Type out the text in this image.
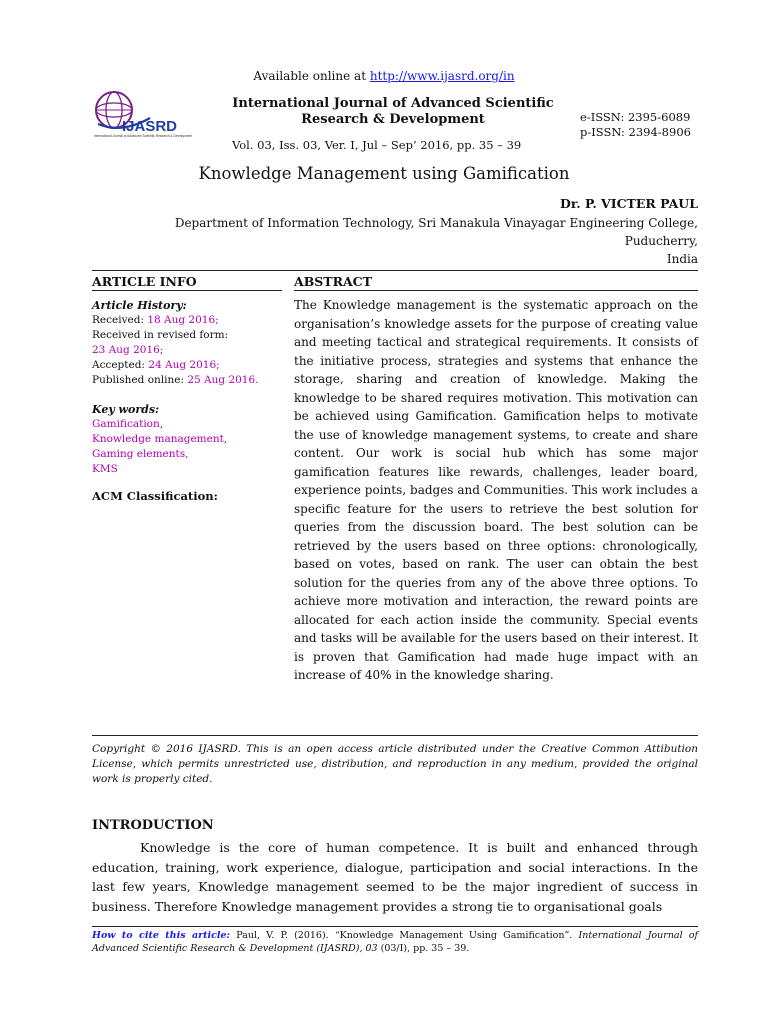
Available online at http://www.ijasrd.org/in
IJASRD
International Journal of Advanced Scientific Research & Development
International Journal of Advanced Scientific
Research & Development	e-ISSN: 2395-6089
p-ISSN: 2394-8906
Vol. 03, Iss. 03, Ver. I, Jul – Sep’ 2016, pp. 35 – 39
Knowledge Management using Gamification
Dr. P. VICTER PAUL
Department of Information Technology, Sri Manakula Vinayagar Engineering College, Puducherry,
India
ARTICLE INFO	ABSTRACT
Article History:
Received: 18 Aug 2016;
Received in revised form:
23 Aug 2016;
Accepted: 24 Aug 2016;
Published online: 25 Aug 2016.
Key words:
Gamification,
Knowledge management,
Gaming elements,
KMS
ACM Classification:
The Knowledge management is the systematic approach on the organisation’s knowledge assets for the purpose of creating value and meeting tactical and strategical requirements. It consists of the initiative process, strategies and systems that enhance the storage, sharing and creation of knowledge. Making the knowledge to be shared requires motivation. This motivation can be achieved using Gamification. Gamification helps to motivate the use of knowledge management systems, to create and share content. Our work is social hub which has some major gamification features like rewards, challenges, leader board, experience points, badges and Communities. This work includes a specific feature for the users to retrieve the best solution for queries from the discussion board. The best solution can be retrieved by the users based on three options: chronologically, based on votes, based on rank. The user can obtain the best solution for the queries from any of the above three options. To achieve more motivation and interaction, the reward points are allocated for each action inside the community. Special events and tasks will be available for the users based on their interest. It is proven that Gamification had made huge impact with an increase of 40% in the knowledge sharing.
Copyright © 2016 IJASRD. This is an open access article distributed under the Creative Common Attibution License, which permits unrestricted use, distribution, and reproduction in any medium, provided the original work is properly cited.
INTRODUCTION
Knowledge is the core of human competence. It is built and enhanced through education, training, work experience, dialogue, participation and social interactions. In the last few years, Knowledge management seemed to be the major ingredient of success in business. Therefore Knowledge management provides a strong tie to organisational goals
How to cite this article: Paul, V. P. (2016). “Knowledge Management Using Gamification”. International Journal of Advanced Scientific Research & Development (IJASRD), 03 (03/I), pp. 35 – 39.
